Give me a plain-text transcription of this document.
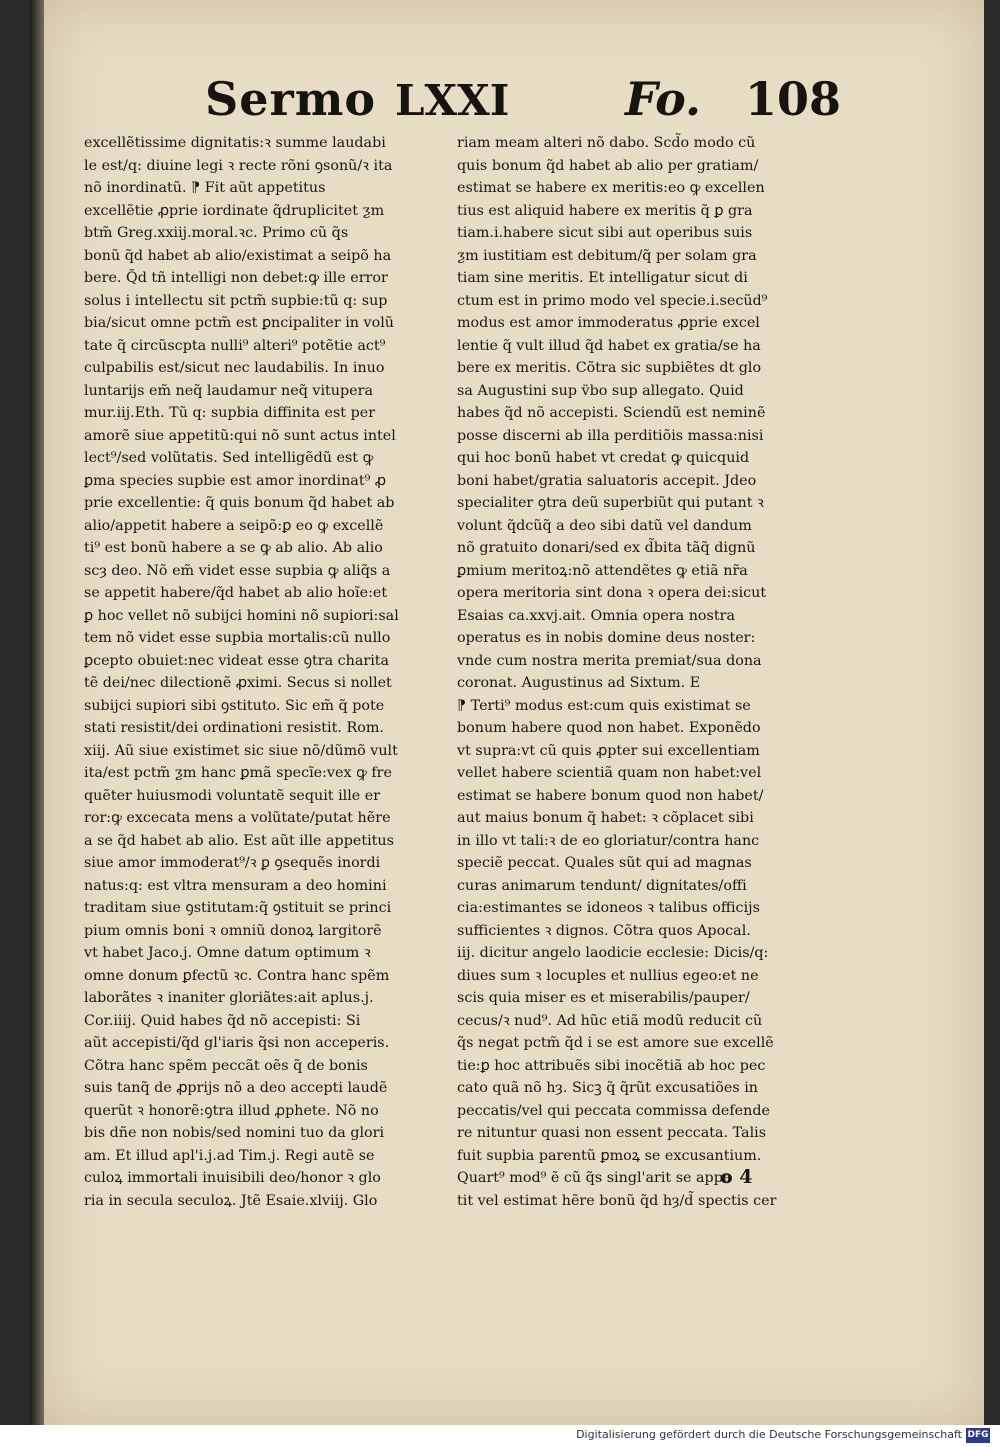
Sermo LXXI	Fo. 108
excellẽtissime dignitatis:ꝛ summe laudabi
le est/q: diuine legi ꝛ recte rõni ꝯsonũ/ꝛ ita
nõ inordinatũ. ⁋ Fit aũt appetitus
excellẽtie ꝓprie iordinate q̃druplicitet ƺm
btm̃ Greg.xxiij.moral.ꝛc. Primo cũ q̃s
bonũ q̃d habet ab alio/existimat a seipõ ha
bere. Q̃d tñ intelligi non debet:ꝙ ille error
solus i intellectu sit pctm̃ supbie:tũ q: sup
bia/sicut omne pctm̃ est ꝑncipaliter in volũ
tate q̃ circũscpta nulli⁹ alteri⁹ potẽtie act⁹
culpabilis est/sicut nec laudabilis. In inuo
luntarijs em̃ neq̃ laudamur neq̃ vitupera
mur.iij.Eth. Tũ q: supbia diffinita est per
amorẽ siue appetitũ:qui nõ sunt actus intel
lect⁹/sed volũtatis. Sed intelligẽdũ est ꝙ
ꝑma species supbie est amor inordinat⁹ ꝓ
prie excellentie: q̃ quis bonum q̃d habet ab
alio/appetit habere a seipõ:ꝑ eo ꝙ excellẽ
ti⁹ est bonũ habere a se ꝙ ab alio. Ab alio
scȝ deo. Nõ em̃ videt esse supbia ꝙ aliq̃s a
se appetit habere/q̃d habet ab alio hoĩe:et
ꝑ hoc vellet nõ subijci homini nõ supiori:sal
tem nõ videt esse supbia mortalis:cũ nullo
ꝑcepto obuiet:nec videat esse ꝯtra charita
tẽ dei/nec dilectionẽ ꝓximi. Secus si nollet
subijci supiori sibi ꝯstituto. Sic em̃ q̃ pote
stati resistit/dei ordinationi resistit. Rom.
xiij. Aũ siue existimet sic siue nõ/dũmõ vult
ita/est pctm̃ ƺm hanc ꝑmã specĩe:vex ꝙ fre
quẽter huiusmodi voluntatẽ sequit ille er
ror:ꝙ excecata mens a volũtate/putat hẽre
a se q̃d habet ab alio. Est aũt ille appetitus
siue amor immoderat⁹/ꝛ ꝑ ꝯsequẽs inordi
natus:q: est vltra mensuram a deo homini
traditam siue ꝯstitutam:q̃ ꝯstituit se princi
pium omnis boni ꝛ omniũ donoꝝ largitorẽ
vt habet Jaco.j. Omne datum optimum ꝛ
omne donum ꝑfectũ ꝛc. Contra hanc spẽm
laborãtes ꝛ inaniter gloriãtes:ait aplus.j.
Cor.iiij. Quid habes q̃d nõ accepisti: Si
aũt accepisti/q̃d gl'iaris q̃si non acceperis.
Cõtra hanc spẽm peccãt oẽs q̃ de bonis
suis tanq̃ de ꝓprijs nõ a deo accepti laudẽ
querũt ꝛ honorẽ:ꝯtra illud ꝓphete. Nõ no
bis dñe non nobis/sed nomini tuo da glori
am. Et illud apl'i.j.ad Tim.j. Regi autẽ se
culoꝝ immortali inuisibili deo/honor ꝛ glo
ria in secula seculoꝝ. Jtẽ Esaie.xlviij. Glo
riam meam alteri nõ dabo. Scd̃o modo cũ
quis bonum q̃d habet ab alio per gratiam/
estimat se habere ex meritis:eo ꝙ excellen
tius est aliquid habere ex meritis q̃ ꝑ gra
tiam.i.habere sicut sibi aut operibus suis
ƺm iustitiam est debitum/q̃ per solam gra
tiam sine meritis. Et intelligatur sicut di
ctum est in primo modo vel specie.i.secũd⁹
modus est amor immoderatus ꝓprie excel
lentie q̃ vult illud q̃d habet ex gratia/se ha
bere ex meritis. Cõtra sic supbiẽtes dt glo
sa Augustini sup v̈bo sup allegato. Quid
habes q̃d nõ accepisti. Sciendũ est neminẽ
posse discerni ab illa perditiõis massa:nisi
qui hoc bonũ habet vt credat ꝙ quicquid
boni habet/gratia saluatoris accepit. Jdeo
specialiter ꝯtra deũ superbiũt qui putant ꝛ
volunt q̃dcũq̃ a deo sibi datũ vel dandum
nõ gratuito donari/sed ex d̃bita tãq̃ dignũ
ꝑmium meritoꝝ:nõ attendẽtes ꝙ etiã nr̃a
opera meritoria sint dona ꝛ opera dei:sicut
Esaias ca.xxvj.ait. Omnia opera nostra
operatus es in nobis domine deus noster:
vnde cum nostra merita premiat/sua dona
coronat. Augustinus ad Sixtum. E
⁋ Terti⁹ modus est:cum quis existimat se
bonum habere quod non habet. Exponẽdo
vt supra:vt cũ quis ꝓpter sui excellentiam
vellet habere scientiã quam non habet:vel
estimat se habere bonum quod non habet/
aut maius bonum q̃ habet: ꝛ cõplacet sibi
in illo vt tali:ꝛ de eo gloriatur/contra hanc
speciẽ peccat. Quales sũt qui ad magnas
curas animarum tendunt/ dignitates/offi
cia:estimantes se idoneos ꝛ talibus officijs
sufficientes ꝛ dignos. Cõtra quos Apocal.
iij. dicitur angelo laodicie ecclesie: Dicis/q:
diues sum ꝛ locuples et nullius egeo:et ne
scis quia miser es et miserabilis/pauper/
cecus/ꝛ nud⁹. Ad hũc etiã modũ reducit cũ
q̃s negat pctm̃ q̃d i se est amore sue excellẽ
tie:ꝑ hoc attribuẽs sibi inocẽtiã ab hoc pec
cato quã nõ hȝ. Sicꝫ q̃ q̃rũt excusatiões in
peccatis/vel qui peccata commissa defende
re nituntur quasi non essent peccata. Talis
fuit supbia parentũ ꝑmoꝝ se excusantium.
Quart⁹ mod⁹ ẽ cũ q̃s singl'arit se appe
tit vel estimat hẽre bonũ q̃d hȝ/d̃ spectis cer
o 4
Digitalisierung gefördert durch die Deutsche Forschungsgemeinschaft DFG
